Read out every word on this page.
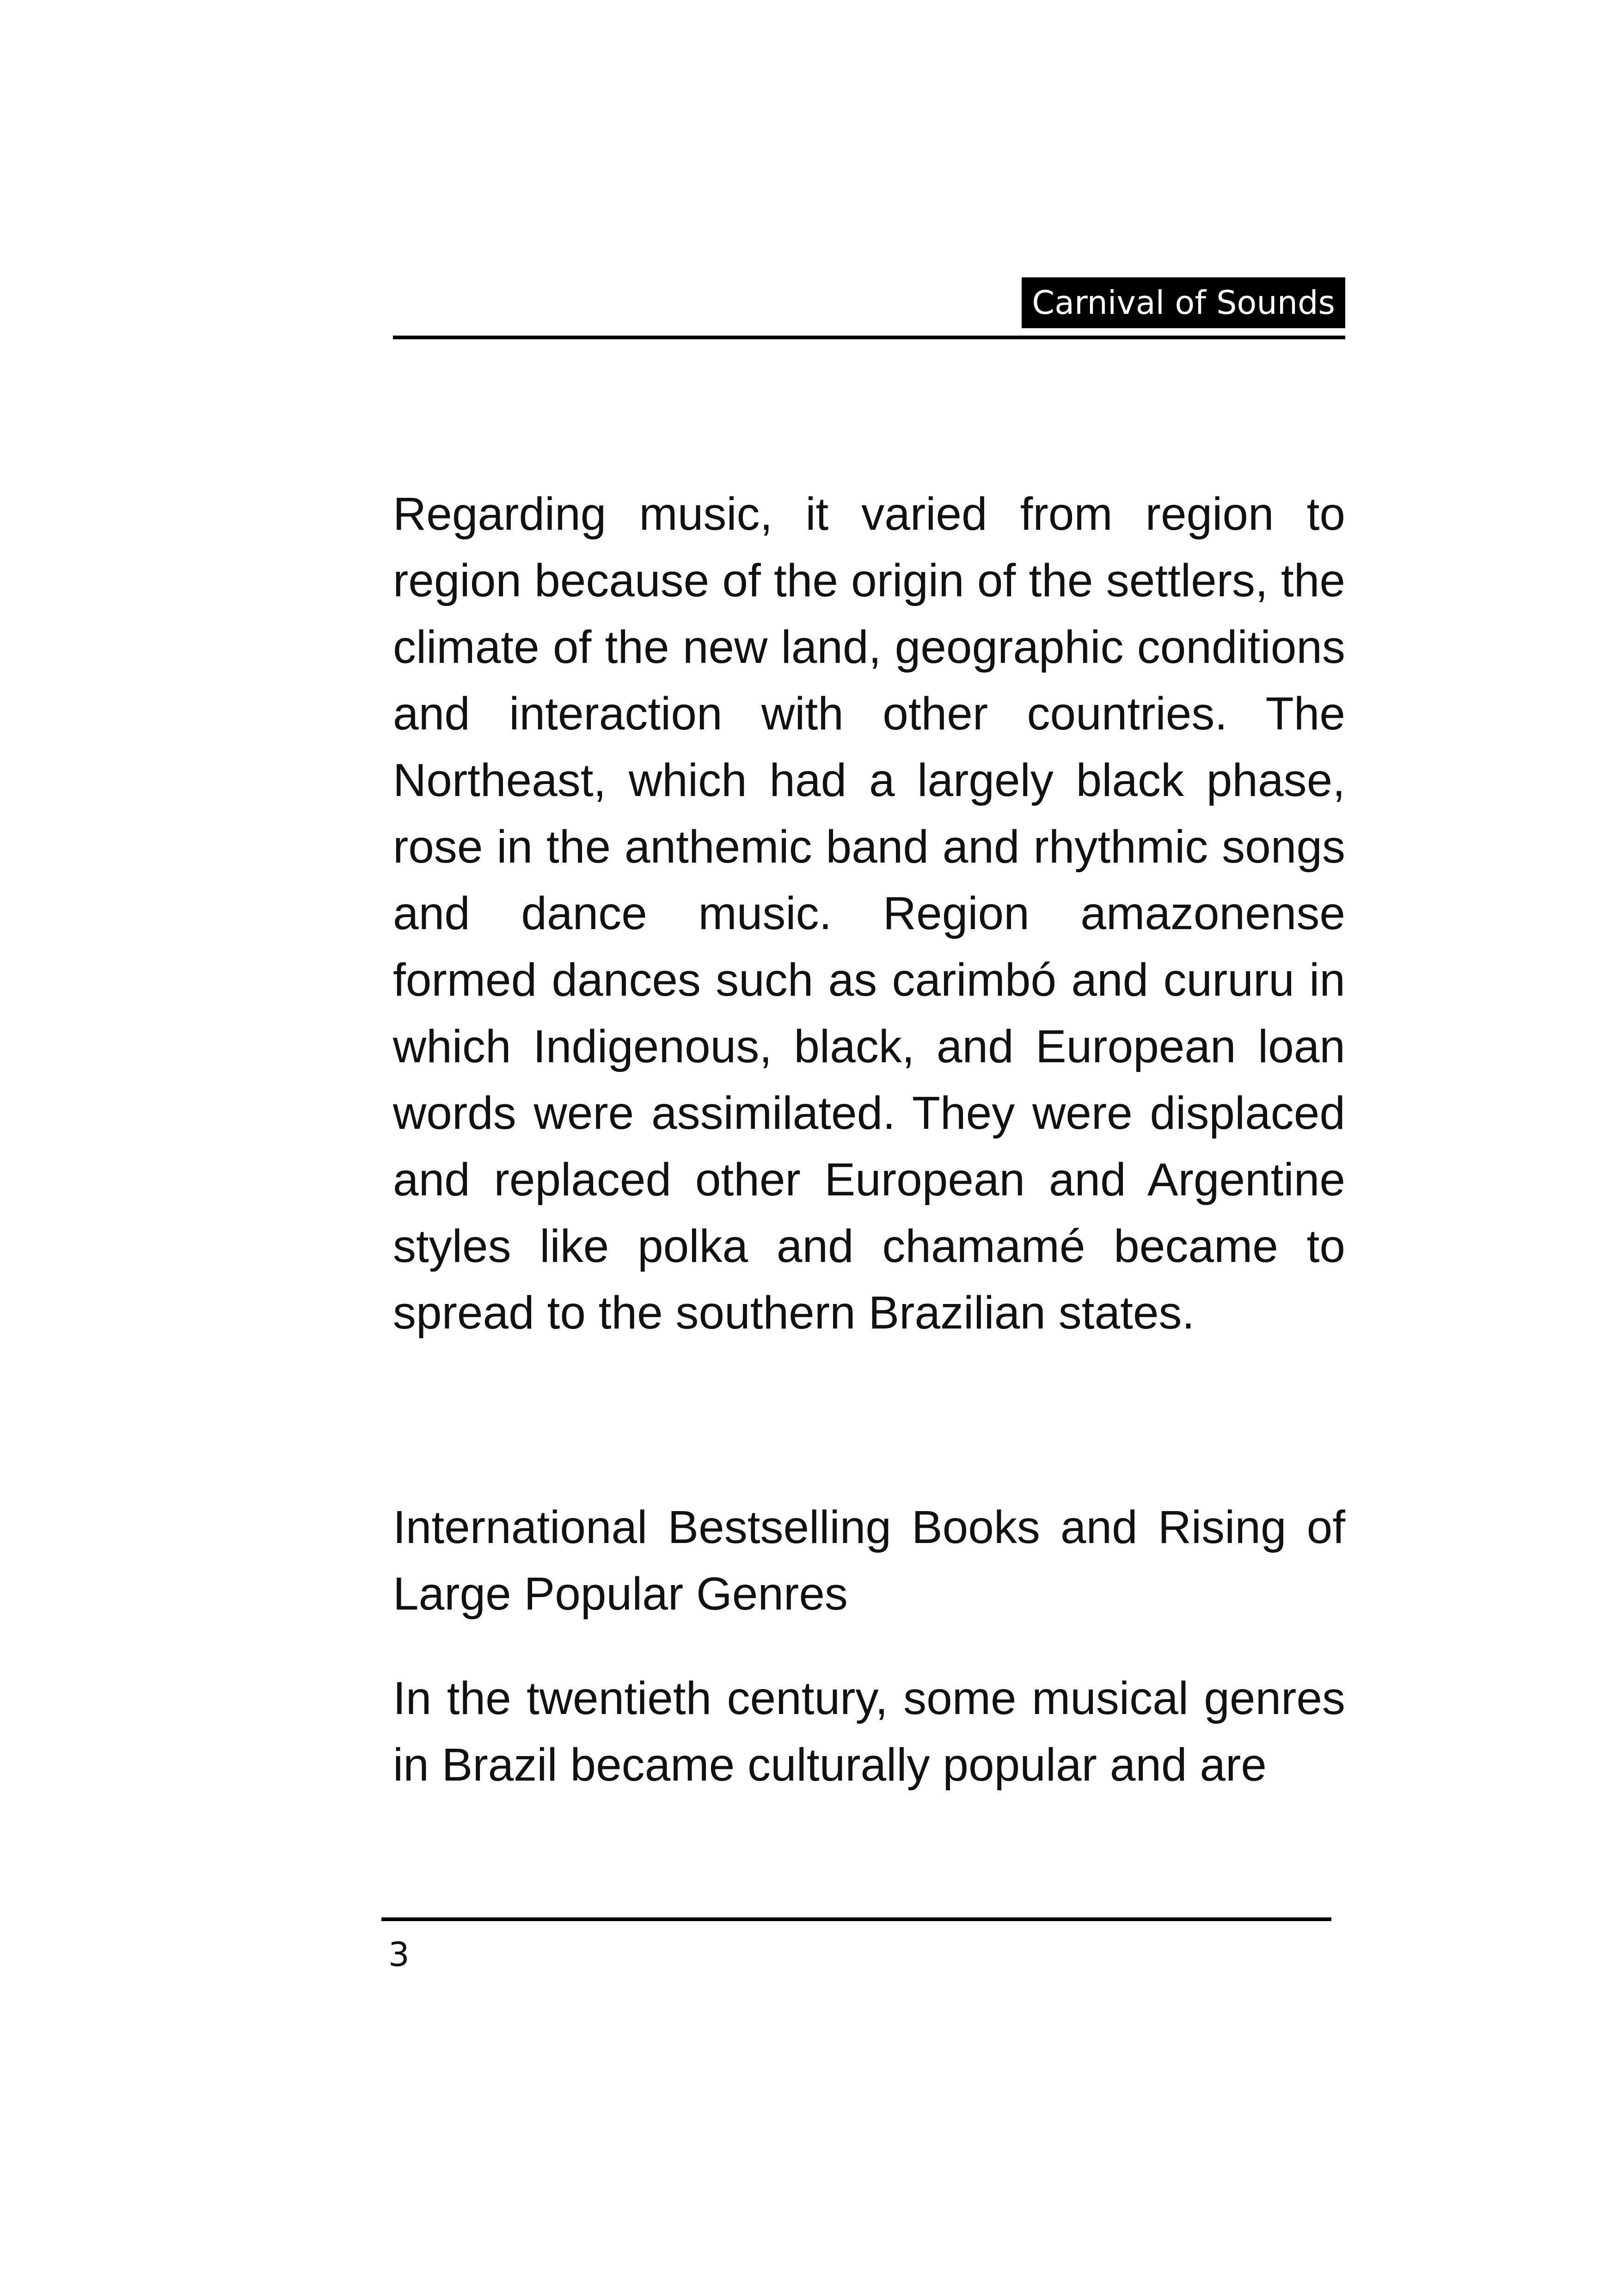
Carnival of Sounds

Regarding music, it varied from region to region because of the origin of the settlers, the climate of the new land, geographic conditions and interaction with other countries. The Northeast, which had a largely black phase, rose in the anthemic band and rhythmic songs and dance music. Region amazonense formed dances such as carimbó and cururu in which Indigenous, black, and European loan words were assimilated. They were displaced and replaced other European and Argentine styles like polka and chamamé became to spread to the southern Brazilian states.

International Bestselling Books and Rising of
Large Popular Genres

In the twentieth century, some musical genres in Brazil became culturally popular and are

3
